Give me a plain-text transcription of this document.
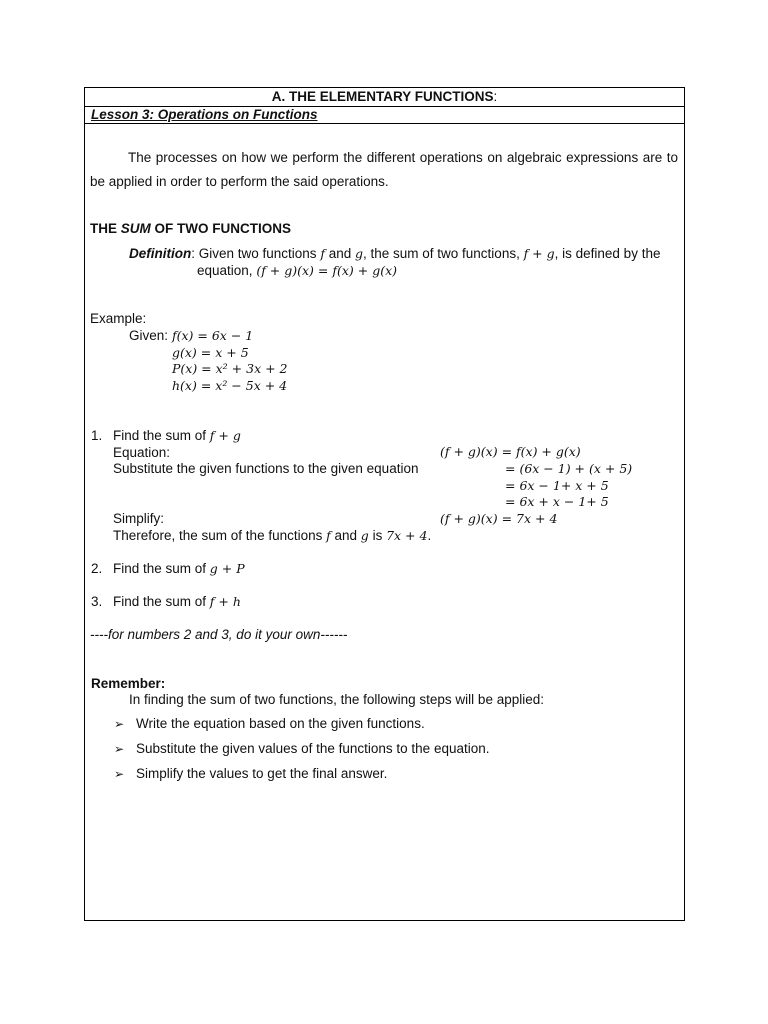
A. THE ELEMENTARY FUNCTIONS:
Lesson 3: Operations on Functions
The processes on how we perform the different operations on algebraic expressions are to be applied in order to perform the said operations.
THE SUM OF TWO FUNCTIONS
Definition: Given two functions f and g, the sum of two functions, f + g, is defined by the
equation, (f + g)(x) = f(x) + g(x)
Example:
Given: f(x) = 6x − 1
g(x) = x + 5
P(x) = x² + 3x + 2
h(x) = x² − 5x + 4
1. Find the sum of f + g
Equation:
Substitute the given functions to the given equation
Simplify:
Therefore, the sum of the functions f and g is 7x + 4.
(f + g)(x) = f(x) + g(x)
= (6x − 1) + (x + 5)
= 6x − 1+ x + 5
= 6x + x − 1+ 5
(f + g)(x) = 7x + 4
2. Find the sum of g + P
3. Find the sum of f + h
----for numbers 2 and 3, do it your own------
Remember:
In finding the sum of two functions, the following steps will be applied:
➢ Write the equation based on the given functions.
➢ Substitute the given values of the functions to the equation.
➢ Simplify the values to get the final answer.
